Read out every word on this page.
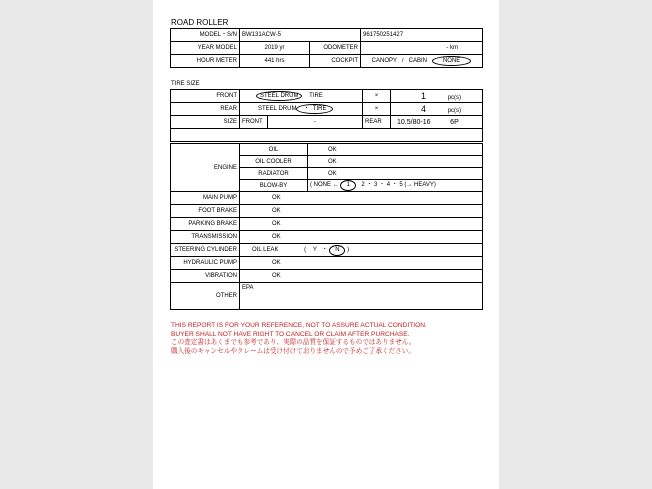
ROAD ROLLER
MODEL・S/N	BW131ACW-5		961750251427
YEAR MODEL	2019 yr	ODOMETER	- km
HOUR METER	441 hrs	COCKPIT	CANOPY / CABIN NONE
TIRE SIZE
FRONT	STEEL DRUM TIRE		×	1 pc(s)
REAR	STEEL DRUM ・ TIRE		×	4 pc(s)
SIZE	FRONT	-	REAR	10.5/80-16 6P

ENGINE	OIL	OK
	OIL COOLER	OK
	RADIATOR	OK
	BLOW-BY	( NONE ← 1 2 ・ 3 ・ 4 ・ 5 (→ HEAVY)
MAIN PUMP	OK	
FOOT BRAKE	OK	
PARKING BRAKE	OK	
TRANSMISSION	OK	
STEERING CYLINDER	OIL LEAK ( Y ・ N )	
HYDRAULIC PUMP	OK	
VIBRATION	OK	
OTHER	EPA	
THIS REPORT IS FOR YOUR REFERENCE, NOT TO ASSURE ACTUAL CONDITION.
BUYER SHALL NOT HAVE RIGHT TO CANCEL OR CLAIM AFTER PURCHASE.
この査定書はあくまでも参考であり、実際の品質を保証するものではありません。
購入後のキャンセルやクレームは受け付けておりませんので予めご了承ください。
